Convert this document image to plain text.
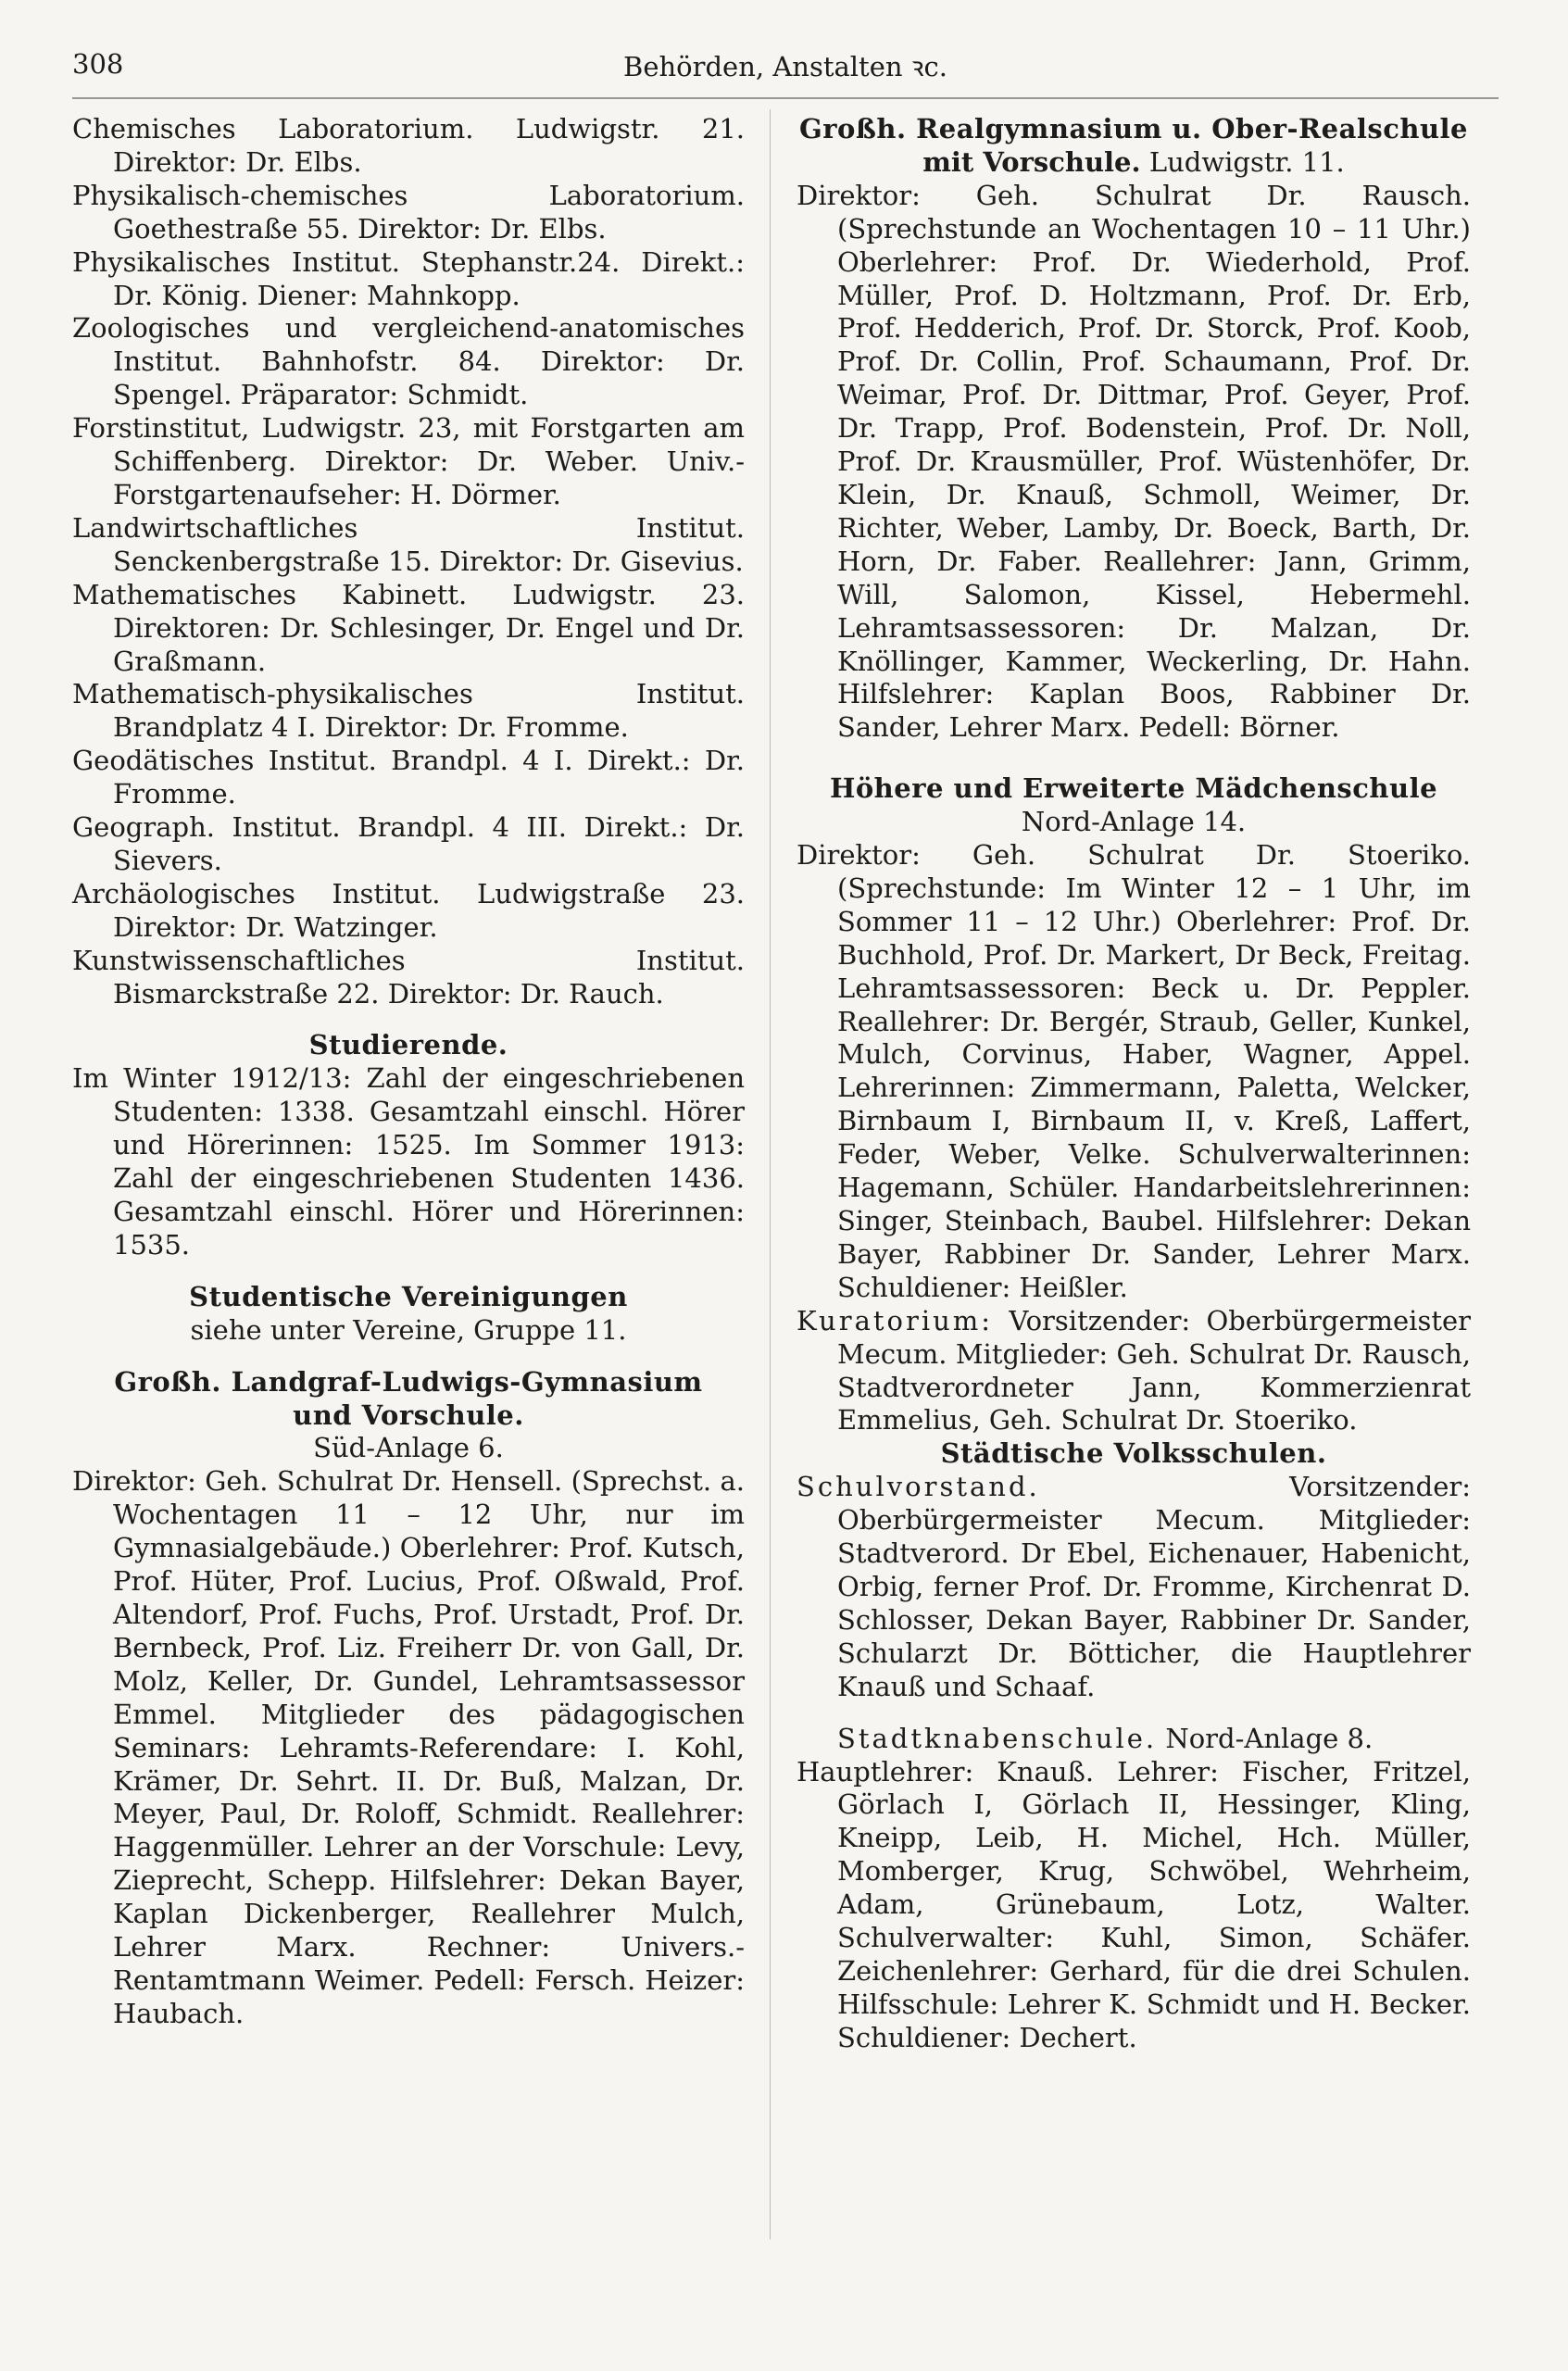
308	Behörden, Anstalten ꝛc.

Chemisches Laboratorium. Ludwigstr. 21. Direktor: Dr. Elbs.

Physikalisch-chemisches Laboratorium. Goethestraße 55. Direktor: Dr. Elbs.

Physikalisches Institut. Stephanstr.24. Direkt.: Dr. König. Diener: Mahnkopp.

Zoologisches und vergleichend-anatomisches Institut. Bahnhofstr. 84. Direktor: Dr. Spengel. Präparator: Schmidt.

Forstinstitut, Ludwigstr. 23, mit Forstgarten am Schiffenberg. Direktor: Dr. Weber. Univ.-Forstgartenaufseher: H. Dörmer.

Landwirtschaftliches Institut. Senckenbergstraße 15. Direktor: Dr. Gisevius.

Mathematisches Kabinett. Ludwigstr. 23. Direktoren: Dr. Schlesinger, Dr. Engel und Dr. Graßmann.

Mathematisch-physikalisches Institut. Brandplatz 4 I. Direktor: Dr. Fromme.

Geodätisches Institut. Brandpl. 4 I. Direkt.: Dr. Fromme.

Geograph. Institut. Brandpl. 4 III. Direkt.: Dr. Sievers.

Archäologisches Institut. Ludwigstraße 23. Direktor: Dr. Watzinger.

Kunstwissenschaftliches Institut. Bismarckstraße 22. Direktor: Dr. Rauch.

Studierende.

Im Winter 1912/13: Zahl der eingeschriebenen Studenten: 1338. Gesamtzahl einschl. Hörer und Hörerinnen: 1525. Im Sommer 1913: Zahl der eingeschriebenen Studenten 1436. Gesamtzahl einschl. Hörer und Hörerinnen: 1535.

Studentische Vereinigungen

siehe unter Vereine, Gruppe 11.

Großh. Landgraf-Ludwigs-Gymnasium

und Vorschule.

Süd-Anlage 6.

Direktor: Geh. Schulrat Dr. Hensell. (Sprechst. a. Wochentagen 11 – 12 Uhr, nur im Gymnasialgebäude.) Oberlehrer: Prof. Kutsch, Prof. Hüter, Prof. Lucius, Prof. Oßwald, Prof. Altendorf, Prof. Fuchs, Prof. Urstadt, Prof. Dr. Bernbeck, Prof. Liz. Freiherr Dr. von Gall, Dr. Molz, Keller, Dr. Gundel, Lehramtsassessor Emmel. Mitglieder des pädagogischen Seminars: Lehramts-Referendare: I. Kohl, Krämer, Dr. Sehrt. II. Dr. Buß, Malzan, Dr. Meyer, Paul, Dr. Roloff, Schmidt. Reallehrer: Haggenmüller. Lehrer an der Vorschule: Levy, Zieprecht, Schepp. Hilfslehrer: Dekan Bayer, Kaplan Dickenberger, Reallehrer Mulch, Lehrer Marx. Rechner: Univers.-Rentamtmann Weimer. Pedell: Fersch. Heizer: Haubach.

Großh. Realgymnasium u. Ober-Realschule

mit Vorschule. Ludwigstr. 11.

Direktor: Geh. Schulrat Dr. Rausch. (Sprechstunde an Wochentagen 10 – 11 Uhr.) Oberlehrer: Prof. Dr. Wiederhold, Prof. Müller, Prof. D. Holtzmann, Prof. Dr. Erb, Prof. Hedderich, Prof. Dr. Storck, Prof. Koob, Prof. Dr. Collin, Prof. Schaumann, Prof. Dr. Weimar, Prof. Dr. Dittmar, Prof. Geyer, Prof. Dr. Trapp, Prof. Bodenstein, Prof. Dr. Noll, Prof. Dr. Krausmüller, Prof. Wüstenhöfer, Dr. Klein, Dr. Knauß, Schmoll, Weimer, Dr. Richter, Weber, Lamby, Dr. Boeck, Barth, Dr. Horn, Dr. Faber. Reallehrer: Jann, Grimm, Will, Salomon, Kissel, Hebermehl. Lehramtsassessoren: Dr. Malzan, Dr. Knöllinger, Kammer, Weckerling, Dr. Hahn. Hilfslehrer: Kaplan Boos, Rabbiner Dr. Sander, Lehrer Marx. Pedell: Börner.

Höhere und Erweiterte Mädchenschule

Nord-Anlage 14.

Direktor: Geh. Schulrat Dr. Stoeriko. (Sprechstunde: Im Winter 12 – 1 Uhr, im Sommer 11 – 12 Uhr.) Oberlehrer: Prof. Dr. Buchhold, Prof. Dr. Markert, Dr Beck, Freitag. Lehramtsassessoren: Beck u. Dr. Peppler. Reallehrer: Dr. Bergér, Straub, Geller, Kunkel, Mulch, Corvinus, Haber, Wagner, Appel. Lehrerinnen: Zimmermann, Paletta, Welcker, Birnbaum I, Birnbaum II, v. Kreß, Laffert, Feder, Weber, Velke. Schulverwalterinnen: Hagemann, Schüler. Handarbeitslehrerinnen: Singer, Steinbach, Baubel. Hilfslehrer: Dekan Bayer, Rabbiner Dr. Sander, Lehrer Marx. Schuldiener: Heißler.

Kuratorium: Vorsitzender: Oberbürgermeister Mecum. Mitglieder: Geh. Schulrat Dr. Rausch, Stadtverordneter Jann, Kommerzienrat Emmelius, Geh. Schulrat Dr. Stoeriko.

Städtische Volksschulen.

Schulvorstand.	Vorsitzender: Oberbürgermeister Mecum. Mitglieder: Stadtverord. Dr Ebel, Eichenauer, Habenicht, Orbig, ferner Prof. Dr. Fromme, Kirchenrat D. Schlosser, Dekan Bayer, Rabbiner Dr. Sander, Schularzt Dr. Bötticher, die Hauptlehrer Knauß und Schaaf.

Stadtknabenschule. Nord-Anlage 8.

Hauptlehrer: Knauß. Lehrer: Fischer, Fritzel, Görlach I, Görlach II, Hessinger, Kling, Kneipp, Leib, H. Michel, Hch. Müller, Momberger, Krug, Schwöbel, Wehrheim, Adam, Grünebaum, Lotz, Walter. Schulverwalter: Kuhl, Simon, Schäfer. Zeichenlehrer: Gerhard, für die drei Schulen. Hilfsschule: Lehrer K. Schmidt und H. Becker. Schuldiener: Dechert.
